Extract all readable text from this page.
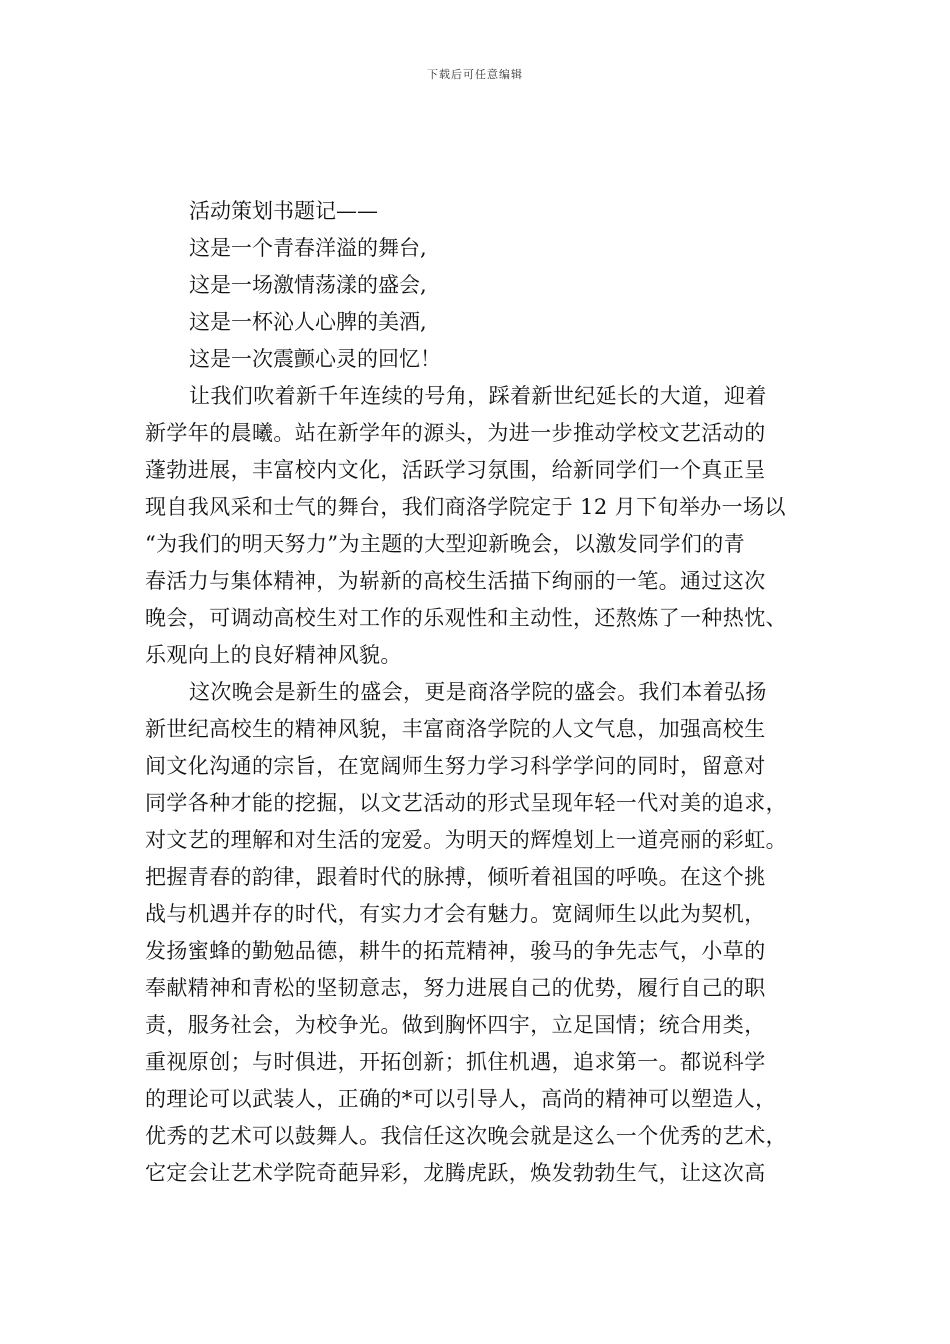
下载后可任意编辑
活动策划书题记——
这是一个青春洋溢的舞台,
这是一场激情荡漾的盛会,
这是一杯沁人心脾的美酒,
这是一次震颤心灵的回忆！

让我们吹着新千年连续的号角，踩着新世纪延长的大道，迎着
新学年的晨曦。站在新学年的源头，为进一步推动学校文艺活动的
蓬勃进展，丰富校内文化，活跃学习氛围，给新同学们一个真正呈
现自我风采和士气的舞台，我们商洛学院定于 12 月下旬举办一场以
“为我们的明天努力”为主题的大型迎新晚会，以激发同学们的青
春活力与集体精神，为崭新的高校生活描下绚丽的一笔。通过这次
晚会，可调动高校生对工作的乐观性和主动性，还熬炼了一种热忱、
乐观向上的良好精神风貌。

这次晚会是新生的盛会，更是商洛学院的盛会。我们本着弘扬
新世纪高校生的精神风貌，丰富商洛学院的人文气息，加强高校生
间文化沟通的宗旨，在宽阔师生努力学习科学学问的同时，留意对
同学各种才能的挖掘，以文艺活动的形式呈现年轻一代对美的追求，
对文艺的理解和对生活的宠爱。为明天的辉煌划上一道亮丽的彩虹。
把握青春的韵律，跟着时代的脉搏，倾听着祖国的呼唤。在这个挑
战与机遇并存的时代，有实力才会有魅力。宽阔师生以此为契机，
发扬蜜蜂的勤勉品德，耕牛的拓荒精神，骏马的争先志气，小草的
奉献精神和青松的坚韧意志，努力进展自己的优势，履行自己的职
责，服务社会，为校争光。做到胸怀四宇，立足国情；统合用类，
重视原创；与时俱进，开拓创新；抓住机遇，追求第一。都说科学
的理论可以武装人，正确的*可以引导人，高尚的精神可以塑造人，
优秀的艺术可以鼓舞人。我信任这次晚会就是这么一个优秀的艺术，
它定会让艺术学院奇葩异彩，龙腾虎跃，焕发勃勃生气，让这次高
